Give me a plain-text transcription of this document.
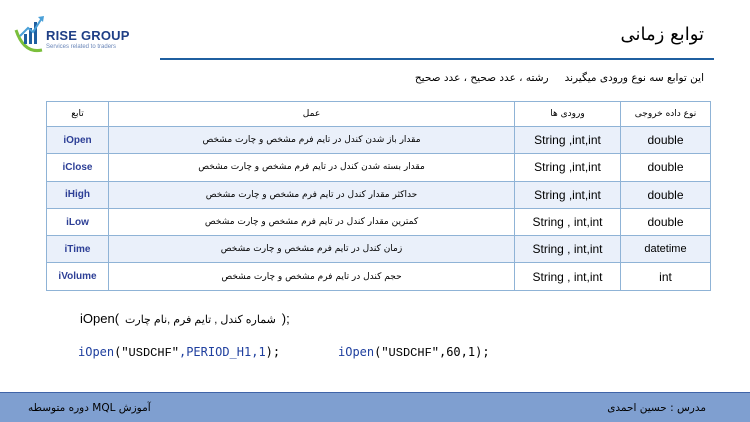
RISE GROUP
Services related to traders
توابع زمانی
این توابع سه نوع ورودی میگیرندرشته ، عدد صحیح ، عدد صحیح
تابع	عمل	ورودی ها	نوع داده خروجی
iOpen	مقدار باز شدن کندل در تایم فرم مشخص و چارت مشخص	String ,int,int	double
iClose	مقدار بسته شدن کندل در تایم فرم مشخص و چارت مشخص	String ,int,int	double
iHigh	حداکثر مقدار کندل در تایم فرم مشخص و چارت مشخص	String ,int,int	double
iLow	کمترین مقدار کندل در تایم فرم مشخص و چارت مشخص	String , int,int	double
iTime	زمان کندل در تایم فرم مشخص و چارت مشخص	String , int,int	datetime
iVolume	حجم کندل در تایم فرم مشخص و چارت مشخص	String , int,int	int
iOpen( شماره کندل , تایم فرم ,نام چارت );
iOpen("USDCHF",PERIOD_H1,1);	iOpen("USDCHF",60,1);
آموزش MQL دوره متوسطه	مدرس : حسین احمدی
